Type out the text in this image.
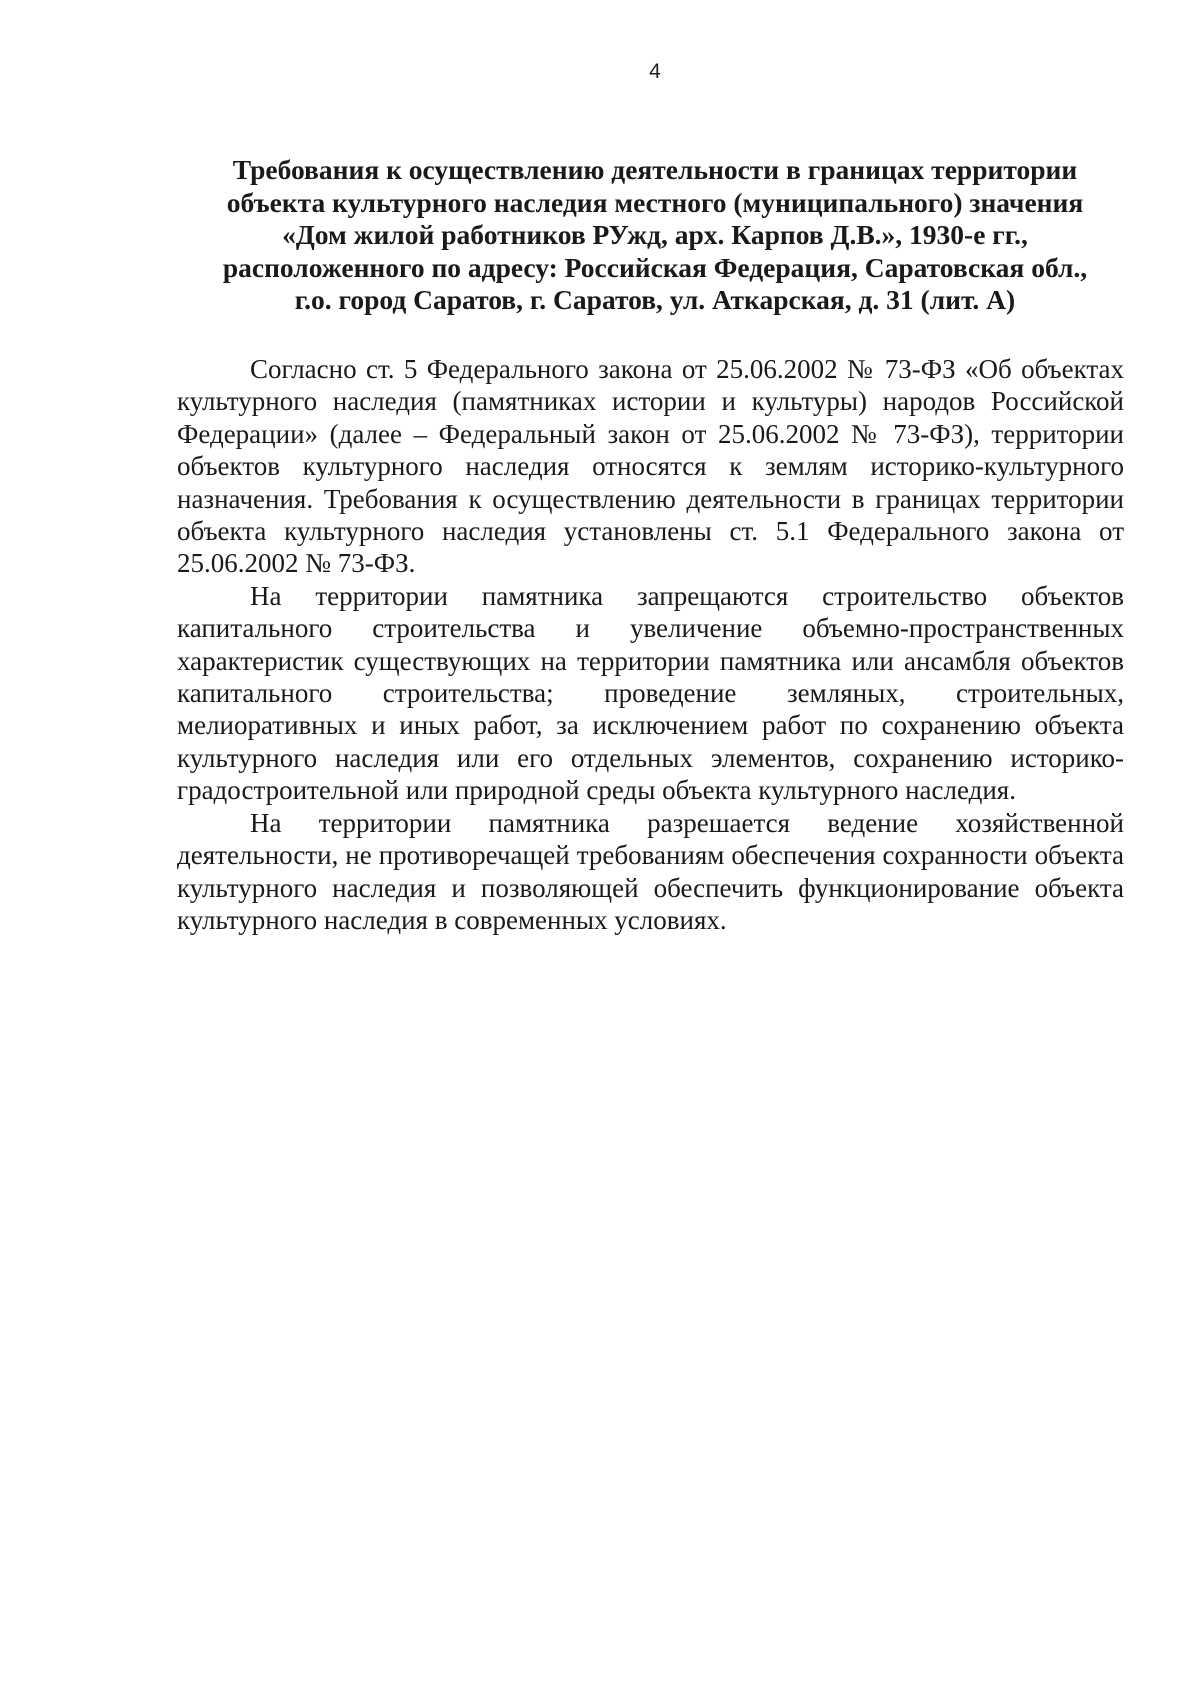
4
Требования к осуществлению деятельности в границах территории
объекта культурного наследия местного (муниципального) значения
«Дом жилой работников РУжд, арх. Карпов Д.В.», 1930-е гг.,
расположенного по адресу: Российская Федерация, Саратовская обл.,
г.о. город Саратов, г. Саратов, ул. Аткарская, д. 31 (лит. А)

Согласно ст. 5 Федерального закона от 25.06.2002 № 73-ФЗ «Об объектах культурного наследия (памятниках истории и культуры) народов Российской Федерации» (далее – Федеральный закон от 25.06.2002 № 73-ФЗ), территории объектов культурного наследия относятся к землям историко-культурного назначения. Требования к осуществлению деятельности в границах территории объекта культурного наследия установлены ст. 5.1 Федерального закона от 25.06.2002 № 73-ФЗ.

На территории памятника запрещаются строительство объектов капитального строительства и увеличение объемно-пространственных характеристик существующих на территории памятника или ансамбля объектов капитального строительства; проведение земляных, строительных, мелиоративных и иных работ, за исключением работ по сохранению объекта культурного наследия или его отдельных элементов, сохранению историко-градостроительной или природной среды объекта культурного наследия.

На территории памятника разрешается ведение хозяйственной деятельности, не противоречащей требованиям обеспечения сохранности объекта культурного наследия и позволяющей обеспечить функционирование объекта культурного наследия в современных условиях.
